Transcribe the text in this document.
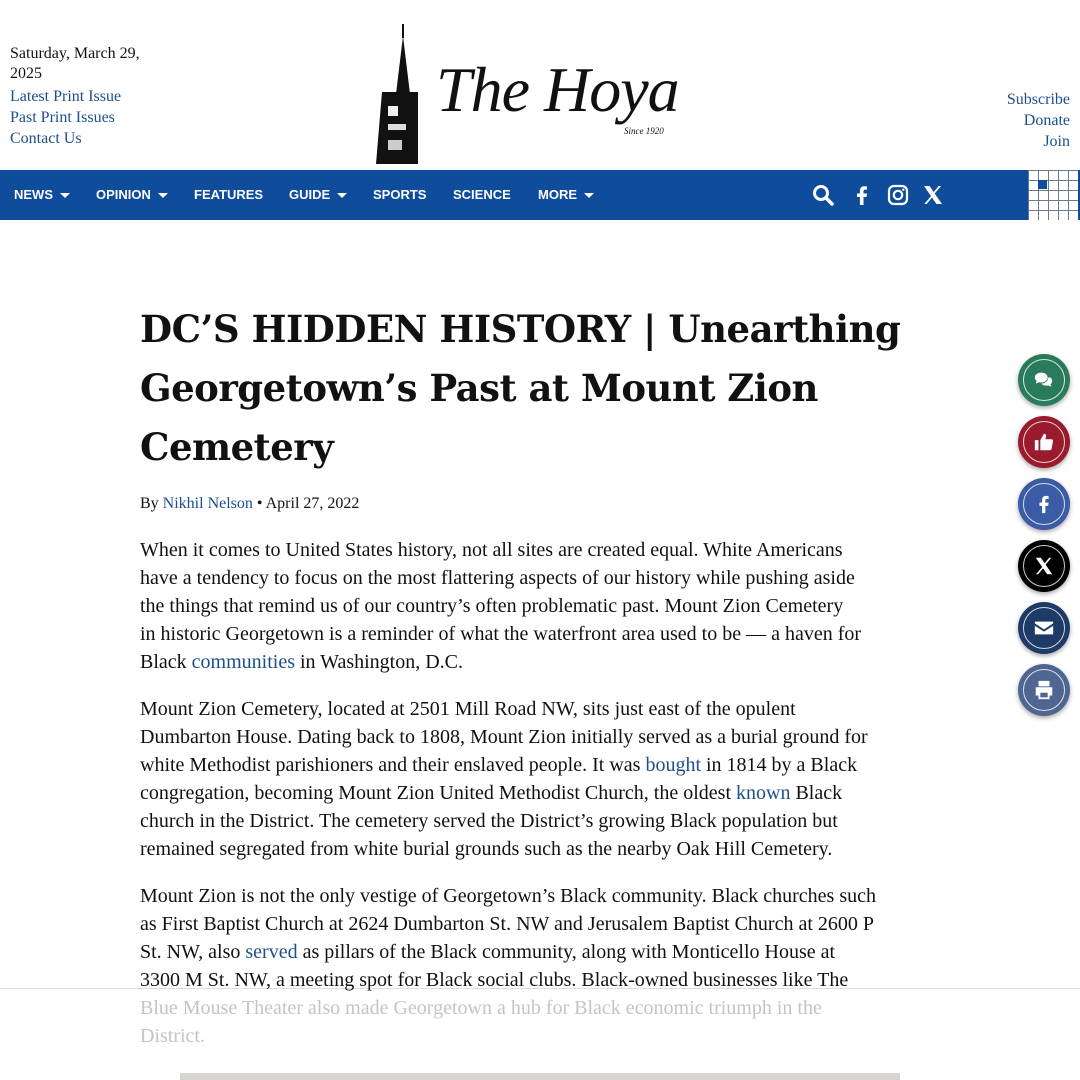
Saturday, March 29, 2025
Latest Print Issue
Past Print Issues
Contact Us
The Hoya
Since 1920
Subscribe
Donate
Join
NEWS	OPINION	FEATURES GUIDE	SPORTS SCIENCE MORE
DC’S HIDDEN HISTORY | Unearthing Georgetown’s Past at Mount Zion Cemetery
By Nikhil Nelson • April 27, 2022

When it comes to United States history, not all sites are created equal. White Americans
have a tendency to focus on the most flattering aspects of our history while pushing aside
the things that remind us of our country’s often problematic past. Mount Zion Cemetery
in historic Georgetown is a reminder of what the waterfront area used to be — a haven for
Black communities in Washington, D.C.

Mount Zion Cemetery, located at 2501 Mill Road NW, sits just east of the opulent
Dumbarton House. Dating back to 1808, Mount Zion initially served as a burial ground for
white Methodist parishioners and their enslaved people. It was bought in 1814 by a Black
congregation, becoming Mount Zion United Methodist Church, the oldest known Black
church in the District. The cemetery served the District’s growing Black population but
remained segregated from white burial grounds such as the nearby Oak Hill Cemetery.

Mount Zion is not the only vestige of Georgetown’s Black community. Black churches such
as First Baptist Church at 2624 Dumbarton St. NW and Jerusalem Baptist Church at 2600 P
St. NW, also served as pillars of the Black community, along with Monticello House at
3300 M St. NW, a meeting spot for Black social clubs. Black-owned businesses like The
Blue Mouse Theater also made Georgetown a hub for Black economic triumph in the
District.
